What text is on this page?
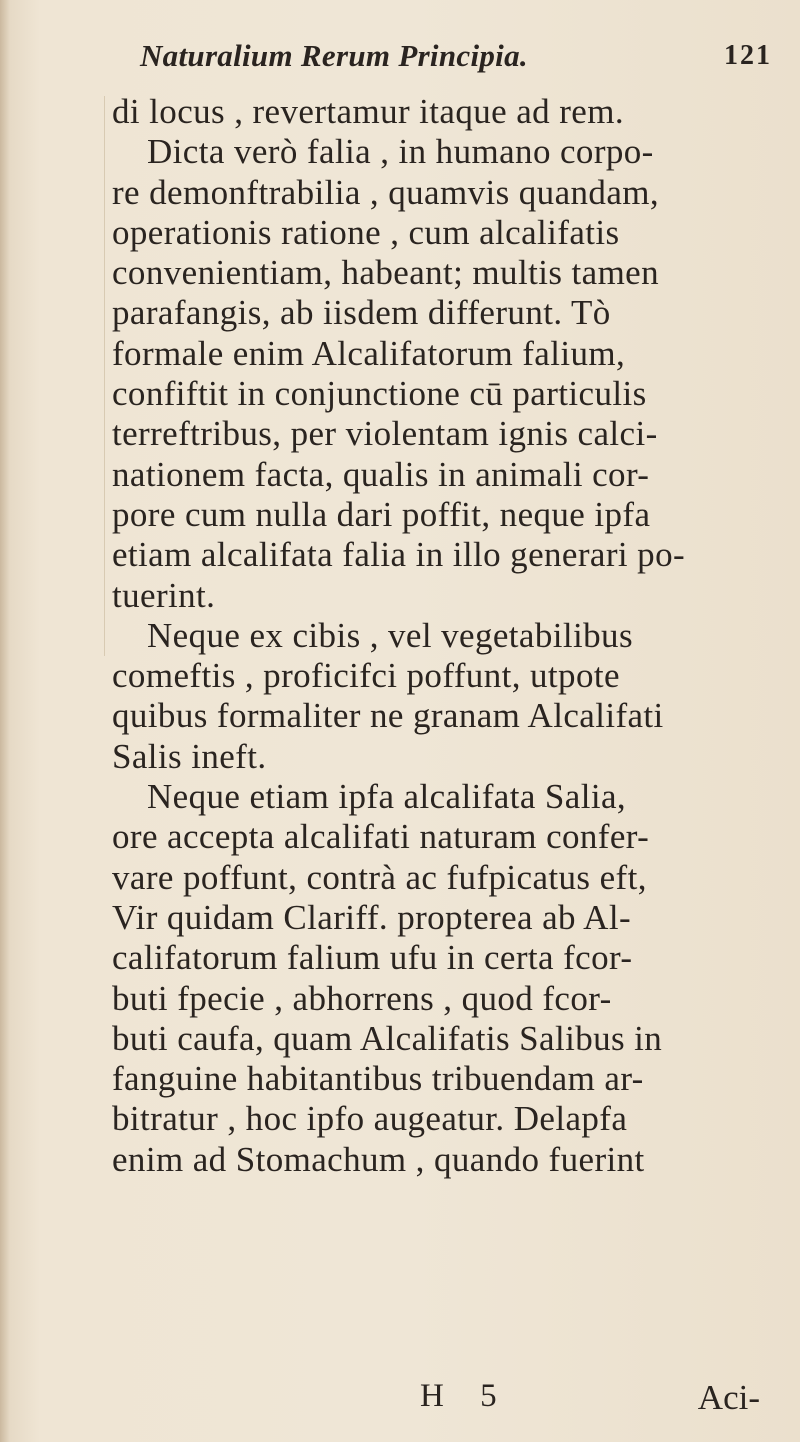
Naturalium Rerum Principia.	121
di locus , revertamur itaque ad rem.
Dicta verò falia , in humano corpo-
re demonftrabilia , quamvis quandam,
operationis ratione , cum alcalifatis
convenientiam, habeant; multis tamen
parafangis, ab iisdem differunt. Tò
formale enim Alcalifatorum falium,
confiftit in conjunctione cū particulis
terreftribus, per violentam ignis calci-
nationem facta, qualis in animali cor-
pore cum nulla dari poffit, neque ipfa
etiam alcalifata falia in illo generari po-
tuerint.
Neque ex cibis , vel vegetabilibus
comeftis , proficifci poffunt, utpote
quibus formaliter ne granam Alcalifati
Salis ineft.
Neque etiam ipfa alcalifata Salia,
ore accepta alcalifati naturam confer-
vare poffunt, contrà ac fufpicatus eft,
Vir quidam Clariff. propterea ab Al-
califatorum falium ufu in certa fcor-
buti fpecie , abhorrens , quod fcor-
buti caufa, quam Alcalifatis Salibus in
fanguine habitantibus tribuendam ar-
bitratur , hoc ipfo augeatur. Delapfa
enim ad Stomachum , quando fuerint
H 5	Aci-
